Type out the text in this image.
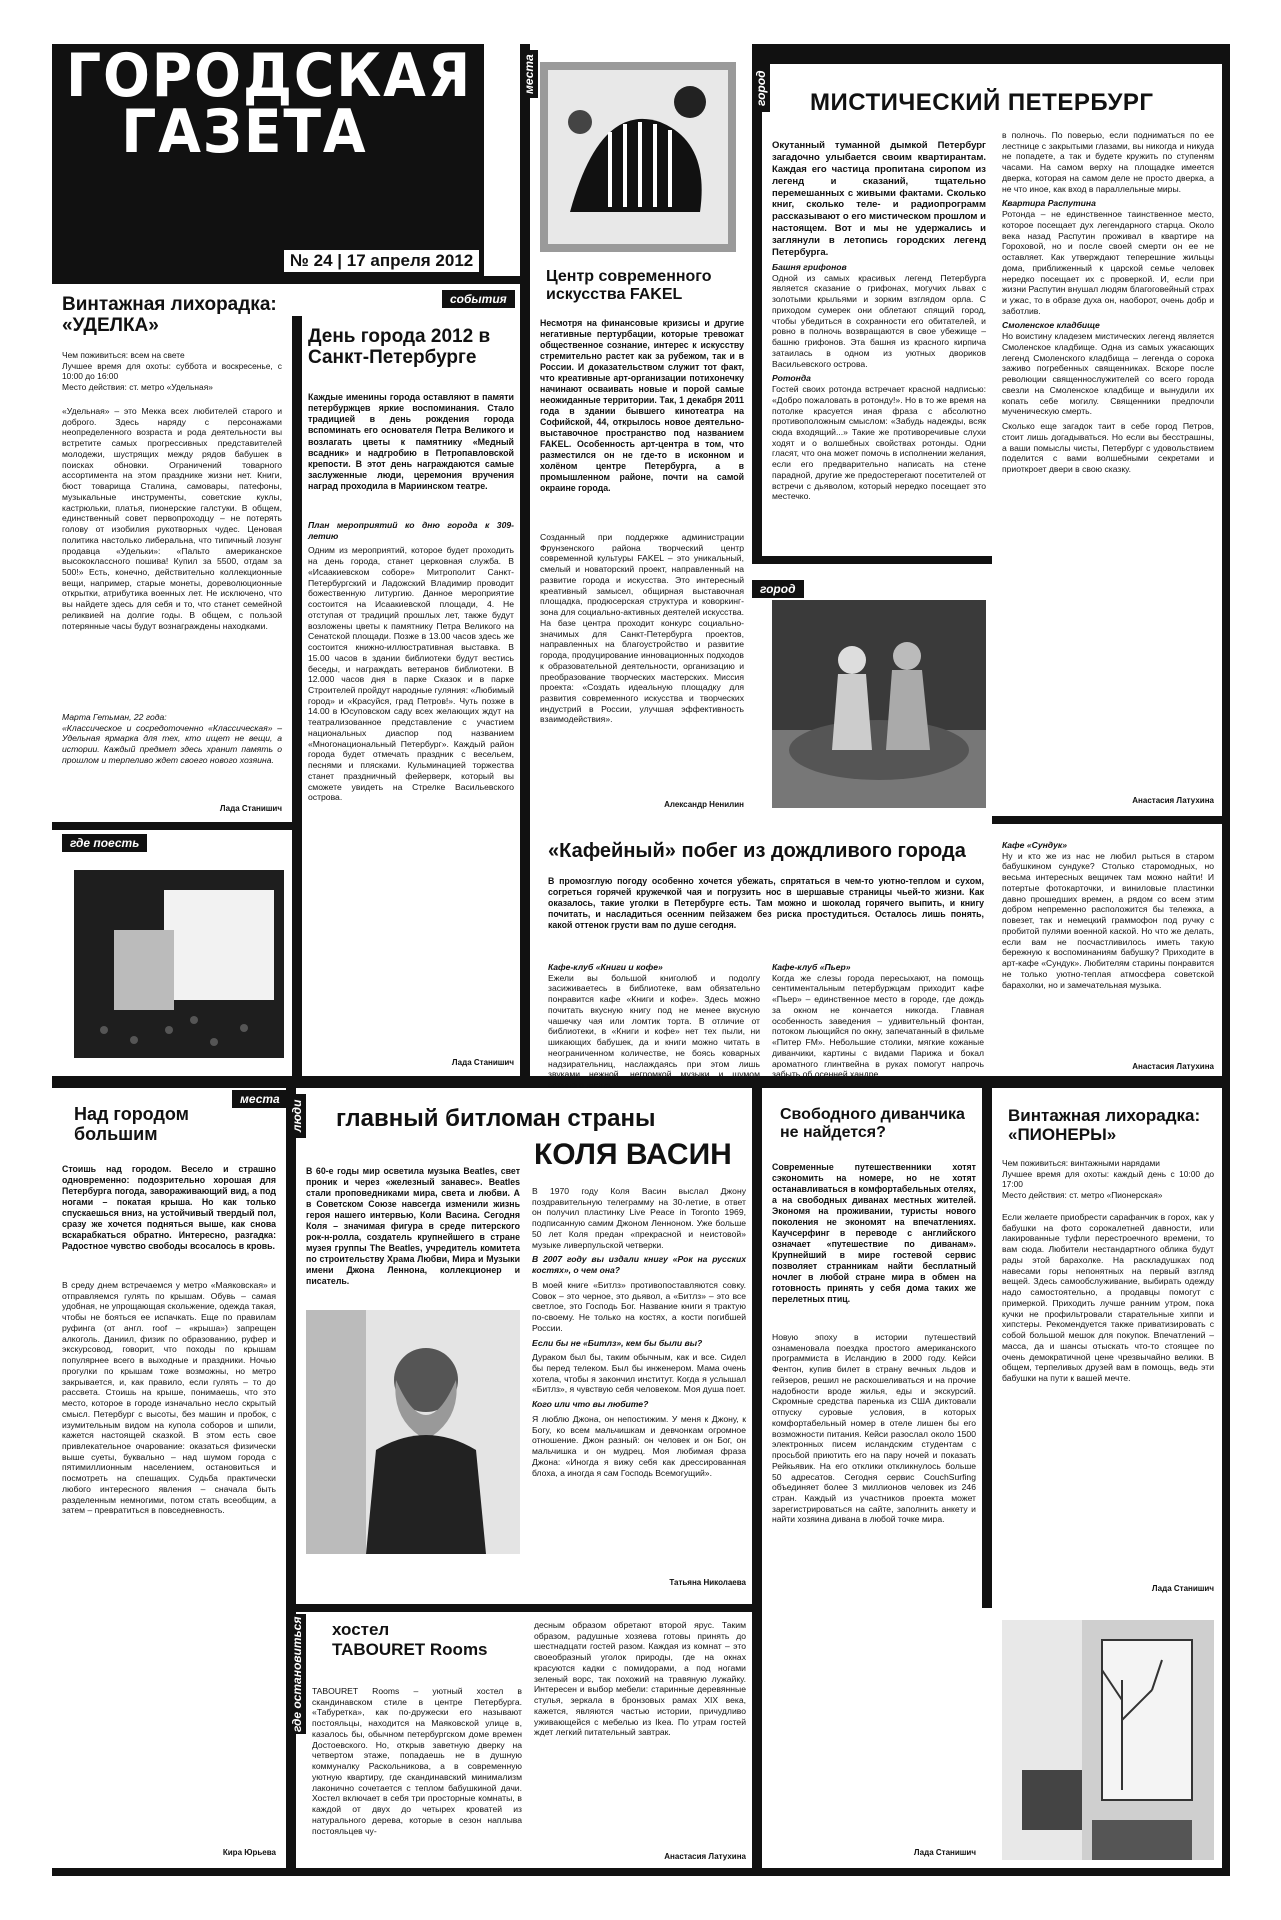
ГОРОДСКАЯ
ГАЗЕТА
№ 24 | 17 апреля 2012
места	город
события
город
где поесть
места
люди
где остановиться
Винтажная лихорадка: «УДЕЛКА»
Чем поживиться: всем на свете
Лучшее время для охоты: суббота и воскресенье, с 10:00 до 16:00
Место действия: ст. метро «Удельная»
«Удельная» – это Мекка всех любителей старого и доброго. Здесь наряду с персонажами неопределенного возраста и рода деятельности вы встретите самых прогрессивных представителей молодежи, шустрящих между рядов бабушек в поисках обновки. Ограничений товарного ассортимента на этом празднике жизни нет. Книги, бюст товарища Сталина, самовары, патефоны, музыкальные инструменты, советские куклы, кастрюльки, платья, пионерские галстуки. В общем, единственный совет первопроходцу – не потерять голову от изобилия рукотворных чудес. Ценовая политика настолько либеральна, что типичный лозунг продавца «Удельки»: «Пальто американское высококлассного пошива! Купил за 5500, отдам за 500!» Есть, конечно, действительно коллекционные вещи, например, старые монеты, дореволюционные открытки, атрибутика военных лет. Не исключено, что вы найдете здесь для себя и то, что станет семейной реликвией на долгие годы. В общем, с пользой потерянные часы будут вознаграждены находками.
Марта Гетьман, 22 года:
«Классическое и сосредоточенно «Классическая» – Удельная ярмарка для тех, кто ищет не вещи, а истории. Каждый предмет здесь хранит память о прошлом и терпеливо ждет своего нового хозяина.
Лада Станишич
Центр современного искусства FAKEL
Несмотря на финансовые кризисы и другие негативные пертурбации, которые тревожат общественное сознание, интерес к искусству стремительно растет как за рубежом, так и в России. И доказательством служит тот факт, что креативные арт-организации потихонечку начинают осваивать новые и порой самые неожиданные территории. Так, 1 декабря 2011 года в здании бывшего кинотеатра на Софийской, 44, открылось новое деятельно-выставочное пространство под названием FAKEL. Особенность арт-центра в том, что разместился он не где-то в исконном и холёном центре Петербурга, а в промышленном районе, почти на самой окраине города.
Созданный при поддержке администрации Фрунзенского района творческий центр современной культуры FAKEL – это уникальный, смелый и новаторский проект, направленный на развитие города и искусства. Это интересный креативный замысел, общирная выставочная площадка, продюсерская структура и коворкинг-зона для социально-активных деятелей искусства. На базе центра проходит конкурс социально-значимых для Санкт-Петербурга проектов, направленных на благоустройство и развитие города, продуцирование инновационных подходов к образовательной деятельности, организацию и преобразование творческих мастерских. Миссия проекта: «Создать идеальную площадку для развития современного искусства и творческих индустрий в России, улучшая эффективность взаимодействия».
Александр Ненилин
МИСТИЧЕСКИЙ ПЕТЕРБУРГ
Окутанный туманной дымкой Петербург загадочно улыбается своим квартирантам. Каждая его частица пропитана сиропом из легенд и сказаний, тщательно перемешанных с живыми фактами. Сколько книг, сколько теле- и радиопрограмм рассказывают о его мистическом прошлом и настоящем. Вот и мы не удержались и заглянули в летопись городских легенд Петербурга.

Башня грифонов
Одной из самых красивых легенд Петербурга является сказание о грифонах, могучих львах с золотыми крыльями и зорким взглядом орла. С приходом сумерек они облетают спящий город, чтобы убедиться в сохранности его обитателей, и ровно в полночь возвращаются в свое убежище – башню грифонов. Эта башня из красного кирпича затаилась в одном из уютных двориков Васильевского острова.

Ротонда
Гостей своих ротонда встречает красной надписью: «Добро пожаловать в ротонду!». Но в то же время на потолке красуется иная фраза с абсолютно противоположным смыслом: «Забудь надежды, всяк сюда входящий...» Такие же противоречивые слухи ходят и о волшебных свойствах ротонды. Одни гласят, что она может помочь в исполнении желания, если его предварительно написать на стене парадной, другие же предостерегают посетителей от встречи с дьяволом, который нередко посещает это местечко.

в полночь. По поверью, если подниматься по ее лестнице с закрытыми глазами, вы никогда и никуда не попадете, а так и будете кружить по ступеням часами. На самом верху на площадке имеется дверка, которая на самом деле не просто дверка, а не что иное, как вход в параллельные миры.

Квартира Распутина
Ротонда – не единственное таинственное место, которое посещает дух легендарного старца. Около века назад Распутин проживал в квартире на Гороховой, но и после своей смерти он ее не оставляет. Как утверждают теперешние жильцы дома, приближенный к царской семье человек нередко посещает их с проверкой. И, если при жизни Распутин внушал людям благоговейный страх и ужас, то в образе духа он, наоборот, очень добр и заботлив.

Смоленское кладбище
Но воистину кладезем мистических легенд является Смоленское кладбище. Одна из самых ужасающих легенд Смоленского кладбища – легенда о сорока заживо погребенных священниках. Вскоре после революции священнослужителей со всего города свезли на Смоленское кладбище и вынудили их копать себе могилу. Священники предпочли мученическую смерть.

Сколько еще загадок таит в себе город Петров, стоит лишь догадываться. Но если вы бесстрашны, а ваши помыслы чисты, Петербург с удовольствием поделится с вами волшебными секретами и приоткроет двери в свою сказку.

Анастасия Латухина
День города 2012 в Санкт-Петербурге
Каждые именины города оставляют в памяти петербуржцев яркие воспоминания. Стало традицией в день рождения города вспоминать его основателя Петра Великого и возлагать цветы к памятнику «Медный всадник» и надгробию в Петропавловской крепости. В этот день награждаются самые заслуженные люди, церемония вручения наград проходила в Мариинском театре.

План мероприятий ко дню города к 309-летию

Одним из мероприятий, которое будет проходить на день города, станет церковная служба. В «Исаакиевском соборе» Митрополит Санкт-Петербургский и Ладожский Владимир проводит божественную литургию. Данное мероприятие состоится на Исаакиевской площади, 4. Не отступая от традиций прошлых лет, также будут возложены цветы к памятнику Петра Великого на Сенатской площади. Позже в 13.00 часов здесь же состоится книжно-иллюстративная выставка. В 15.00 часов в здании библиотеки будут вестись беседы, и награждать ветеранов библиотеки. В 12.000 часов дня в парке Сказок и в парке Строителей пройдут народные гуляния: «Любимый город» и «Красуйся, град Петров!». Чуть позже в 14.00 в Юсуповском саду всех желающих ждут на театрализованное представление с участием национальных диаспор под названием «Многонациональный Петербург». Каждый район города будет отмечать праздник с весельем, песнями и плясками. Кульминацией торжества станет праздничный фейерверк, который вы сможете увидеть на Стрелке Васильевского острова.

Лада Станишич
«Кафейный» побег из дождливого города
В промозглую погоду особенно хочется убежать, спрятаться в чем-то уютно-теплом и сухом, согреться горячей кружечкой чая и погрузить нос в шершавые страницы чьей-то жизни. Как оказалось, такие уголки в Петербурге есть. Там можно и шоколад горячего выпить, и книгу почитать, и насладиться осенним пейзажем без риска простудиться. Осталось лишь понять, какой оттенок грусти вам по душе сегодня.
Кафе-клуб «Книги и кофе»
Ежели вы большой книголюб и подолгу засиживаетесь в библиотеке, вам обязательно понравится кафе «Книги и кофе». Здесь можно почитать вкусную книгу под не менее вкусную чашечку чая или ломтик торта. В отличие от библиотеки, в «Книги и кофе» нет тех пыли, ни шикающих бабушек, да и книги можно читать в неограниченном количестве, не боясь коварных надзирательниц, наслаждаясь при этом лишь звуками нежной, негромкой музыки и шумом осеннего ливня.
Кафе-клуб «Пьер»
Когда же слезы города пересыхают, на помощь сентиментальным петербуржцам приходит кафе «Пьер» – единственное место в городе, где дождь за окном не кончается никогда. Главная особенность заведения – удивительный фонтан, потоком льющийся по окну, запечатанный в фильме «Питер FM». Небольшие столики, мягкие кожаные диванчики, картины с видами Парижа и бокал ароматного глинтвейна в руках помогут напрочь забыть об осенней хандре.
Кафе «Сундук»
Ну и кто же из нас не любил рыться в старом бабушкином сундуке? Столько старомодных, но весьма интересных вещичек там можно найти! И потертые фотокарточки, и виниловые пластинки давно прошедших времен, а рядом со всем этим добром непременно расположится бы тележка, а повезет, так и немецкий граммофон под ручку с пробитой пулями военной каской. Но что же делать, если вам не посчастливилось иметь такую бережную к воспоминаниям бабушку? Приходите в арт-кафе «Сундук». Любителям старины понравится не только уютно-теплая атмосфера советской барахолки, но и замечательная музыка.
Анастасия Латухина
Над городом большим
Стоишь над городом. Весело и страшно одновременно: подозрительно хорошая для Петербурга погода, завораживающий вид, а под ногами – покатая крыша. Но как только спускаешься вниз, на устойчивый твердый пол, сразу же хочется подняться выше, как снова вскарабкаться обратно. Интересно, разгадка: Радостное чувство свободы всосалось в кровь.
В среду днем встречаемся у метро «Маяковская» и отправляемся гулять по крышам. Обувь – самая удобная, не упрощающая скольжение, одежда такая, чтобы не бояться ее испачкать. Еще по правилам руфинга (от англ. roof – «крыша») запрещен алкоголь. Даниил, физик по образованию, руфер и экскурсовод, говорит, что походы по крышам популярнее всего в выходные и праздники. Ночью прогулки по крышам тоже возможны, но метро закрывается, и, как правило, если гулять – то до рассвета. Стоишь на крыше, понимаешь, что это место, которое в городе изначально несло скрытый смысл. Петербург с высоты, без машин и пробок, с изумительным видом на купола соборов и шпили, кажется настоящей сказкой. В этом есть свое привлекательное очарование: оказаться физически выше суеты, буквально – над шумом города с пятимиллионным населением, остановиться и посмотреть на спешащих. Судьба практически любого интересного явления – сначала быть разделенным немногими, потом стать всеобщим, а затем – превратиться в повседневность.
Кира Юрьева
главный битломан страны
КОЛЯ ВАСИН
В 60-е годы мир осветила музыка Beatles, свет проник и через «железный занавес». Beatles стали проповедниками мира, света и любви. А в Советском Союзе навсегда изменили жизнь героя нашего интервью, Коли Васина. Сегодня Коля – значимая фигура в среде питерского рок-н-ролла, создатель крупнейшего в стране музея группы The Beatles, учредитель комитета по строительству Храма Любви, Мира и Музыки имени Джона Леннона, коллекционер и писатель.

В 1970 году Коля Васин выслал Джону поздравительную телеграмму на 30-летие, в ответ он получил пластинку Live Peace in Toronto 1969, подписанную самим Джоном Ленноном. Уже больше 50 лет Коля предан «прекрасной и неистовой» музыке ливерпульской четверки.

В 2007 году вы издали книгу «Рок на русских костях», о чем она?

В моей книге «Битлз» противопоставляются совку. Совок – это черное, это дьявол, а «Битлз» – это все светлое, это Господь Бог. Название книги я трактую по-своему. Не только на костях, а кости погибшей России.

Если бы не «Битлз», кем бы были вы?

Дураком был бы, таким обычным, как и все. Сидел бы перед телеком. Был бы инженером. Мама очень хотела, чтобы я закончил институт. Когда я услышал «Битлз», я чувствую себя человеком. Моя душа поет.

Кого или что вы любите?

Я люблю Джона, он непостижим. У меня к Джону, к Богу, ко всем мальчишкам и девчонкам огромное отношение. Джон разный: он человек и он Бог, он мальчишка и он мудрец. Моя любимая фраза Джона: «Иногда я вижу себя как дрессированная блоха, а иногда я сам Господь Всемогущий».

Татьяна Николаева
Свободного диванчика не найдется?
Современные путешественники хотят сэкономить на номере, но не хотят останавливаться в комфортабельных отелях, а на свободных диванах местных жителей. Экономя на проживании, туристы нового поколения не экономят на впечатлениях. Каучсерфинг в переводе с английского означает «путешествие по диванам». Крупнейший в мире гостевой сервис позволяет странникам найти бесплатный ночлег в любой стране мира в обмен на готовность принять у себя дома таких же перелетных птиц.
Новую эпоху в истории путешествий ознаменовала поездка простого американского программиста в Исландию в 2000 году. Кейси Фентон, купив билет в страну вечных льдов и гейзеров, решил не раскошеливаться и на прочие надобности вроде жилья, еды и экскурсий. Скромные средства паренька из США диктовали отпуску суровые условия, в которых комфортабельный номер в отеле лишен бы его возможности питания. Кейси разослал около 1500 электронных писем исландским студентам с просьбой приютить его на пару ночей и показать Рейкьявик. На его отклики откликнулось больше 50 адресатов. Сегодня сервис CouchSurfing объединяет более 3 миллионов человек из 246 стран. Каждый из участников проекта может зарегистрироваться на сайте, заполнить анкету и найти хозяина дивана в любой точке мира.
Лада Станишич
Винтажная лихорадка: «ПИОНЕРЫ»
Чем поживиться: винтажными нарядами
Лучшее время для охоты: каждый день с 10:00 до 17:00
Место действия: ст. метро «Пионерская»
Если желаете приобрести сарафанчик в горох, как у бабушки на фото сорокалетней давности, или лакированные туфли перестроечного времени, то вам сюда. Любители нестандартного облика будут рады этой барахолке. На раскладушках под навесами горы непонятных на первый взгляд вещей. Здесь самообслуживание, выбирать одежду надо самостоятельно, а продавцы помогут с примеркой. Приходить лучше ранним утром, пока кучки не профильтровали старательные хиппи и хипстеры. Рекомендуется также приватизировать с собой большой мешок для покупок. Впечатлений – масса, да и шансы отыскать что-то стоящее по очень демократичной цене чрезвычайно велики. В общем, терпеливых друзей вам в помощь, ведь эти бабушки на пути к вашей мечте.
Лада Станишич
хостел
TABOURET Rooms
TABOURET Rooms – уютный хостел в скандинавском стиле в центре Петербурга. «Табуретка», как по-дружески его называют постояльцы, находится на Маяковской улице в, казалось бы, обычном петербургском доме времен Достоевского. Но, открыв заветную дверку на четвертом этаже, попадаешь не в душную коммуналку Раскольникова, а в современную уютную квартиру, где скандинавский минимализм лаконично сочетается с теплом бабушкиной дачи. Хостел включает в себя три просторные комнаты, в каждой от двух до четырех кроватей из натурального дерева, которые в сезон наплыва постояльцев чу-
десным образом обретают второй ярус. Таким образом, радушные хозяева готовы принять до шестнадцати гостей разом. Каждая из комнат – это своеобразный уголок природы, где на окнах красуются кадки с помидорами, а под ногами зеленый ворс, так похожий на травяную лужайку. Интересен и выбор мебели: старинные деревянные стулья, зеркала в бронзовых рамах XIX века, кажется, являются частью истории, причудливо уживающейся с мебелью из Ikea. По утрам гостей ждет легкий питательный завтрак.
Анастасия Латухина
